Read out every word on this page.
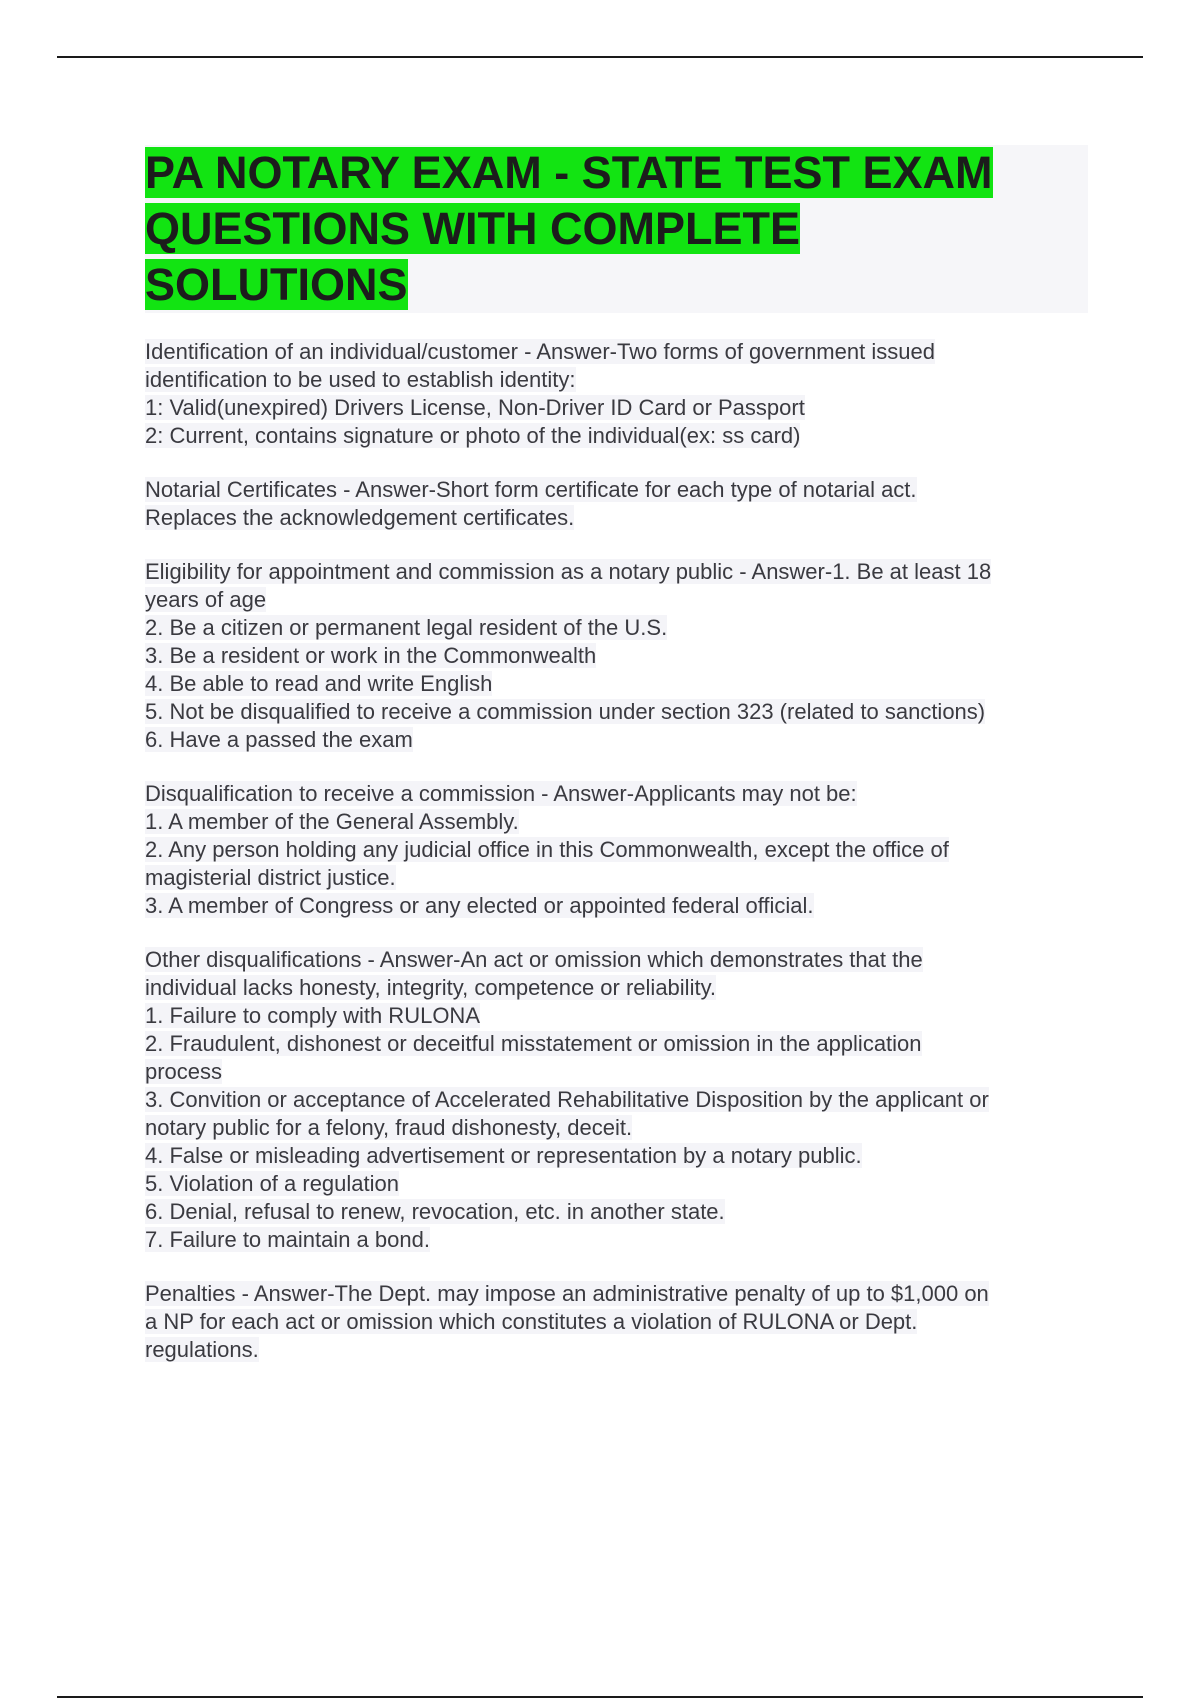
PA NOTARY EXAM - STATE TEST EXAM
QUESTIONS WITH COMPLETE
SOLUTIONS
Identification of an individual/customer - Answer-Two forms of government issued
identification to be used to establish identity:
1: Valid(unexpired) Drivers License, Non-Driver ID Card or Passport
2: Current, contains signature or photo of the individual(ex: ss card)
Notarial Certificates - Answer-Short form certificate for each type of notarial act.
Replaces the acknowledgement certificates.
Eligibility for appointment and commission as a notary public - Answer-1. Be at least 18
years of age
2. Be a citizen or permanent legal resident of the U.S.
3. Be a resident or work in the Commonwealth
4. Be able to read and write English
5. Not be disqualified to receive a commission under section 323 (related to sanctions)
6. Have a passed the exam
Disqualification to receive a commission - Answer-Applicants may not be:
1. A member of the General Assembly.
2. Any person holding any judicial office in this Commonwealth, except the office of
magisterial district justice.
3. A member of Congress or any elected or appointed federal official.
Other disqualifications - Answer-An act or omission which demonstrates that the
individual lacks honesty, integrity, competence or reliability.
1. Failure to comply with RULONA
2. Fraudulent, dishonest or deceitful misstatement or omission in the application
process
3. Convition or acceptance of Accelerated Rehabilitative Disposition by the applicant or
notary public for a felony, fraud dishonesty, deceit.
4. False or misleading advertisement or representation by a notary public.
5. Violation of a regulation
6. Denial, refusal to renew, revocation, etc. in another state.
7. Failure to maintain a bond.
Penalties - Answer-The Dept. may impose an administrative penalty of up to $1,000 on
a NP for each act or omission which constitutes a violation of RULONA or Dept.
regulations.
